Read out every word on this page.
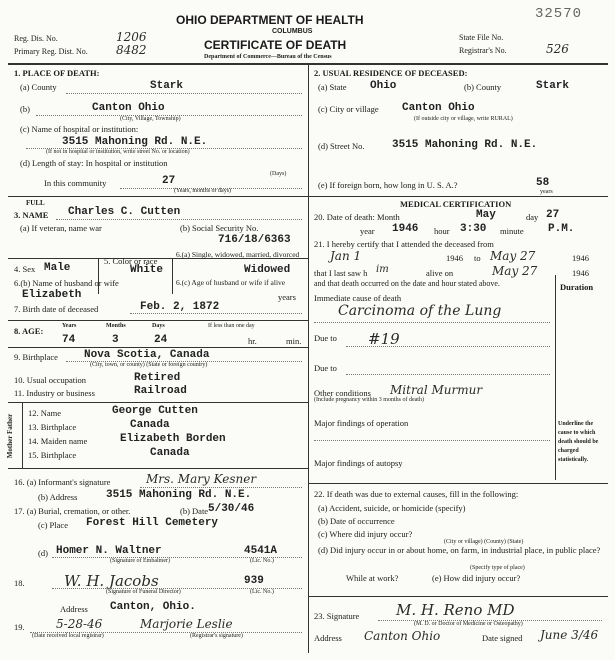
Reg. Dis. No.	1206
Primary Reg. Dist. No. 8482
OHIO DEPARTMENT OF HEALTH
COLUMBUS
CERTIFICATE OF DEATH
Department of Commerce—Bureau of the Census
32570
State File No.
Registrar's No.	526
1. PLACE OF DEATH:
(a) County	Stark
(b)	Canton Ohio
(City, Village, Township)
(c) Name of hospital or institution:
3515 Mahoning Rd. N.E.
(If not in hospital or institution, write street No. or location)
(d) Length of stay: In hospital or institution
(Days)
In this community	27
(Years, months or days)
FULL
3. NAME Charles C. Cutten
(a) If veteran, name war	(b) Social Security No.
716/18/6363
4. Sex Male
5. Color or race
White
6.(a) Single, widowed, married, divorced
Widowed
6.(b) Name of husband or wife
Elizabeth
6.(c) Age of husband or wife if alive
years
7. Birth date of deceased	Feb. 2, 1872
8. AGE:	Years	Months	Days	If less than one day
74	3	24	hr.	min.
9. Birthplace Nova Scotia, Canada
(City, town, or county) (State or foreign country)
10. Usual occupation	Retired
11. Industry or business	Railroad
Mother Father
12. Name	George Cutten
13. Birthplace	Canada
14. Maiden name	Elizabeth Borden
15. Birthplace	Canada
16. (a) Informant's signature	Mrs. Mary Kesner
(b) Address	3515 Mahoning Rd. N.E.
17. (a) Burial, cremation, or other.	(b) Date 5/30/46
(c) Place Forest Hill Cemetery
(d) Homer N. Waltner	4541A
(Signature of Embalmer)	(Lic. No.)
18.	W. H. Jacobs	939
(Signature of Funeral Director)	(Lic. No.)
Address Canton, Ohio.
19.	5-28-46	Marjorie Leslie
(Date received local registrar)	(Registrar's signature)
2. USUAL RESIDENCE OF DECEASED:
(a) State Ohio	(b) County	Stark
(c) City or village Canton Ohio
(If outside city or village, write RURAL)
(d) Street No. 3515 Mahoning Rd. N.E.
(e) If foreign born, how long in U. S. A.?	58
years
MEDICAL CERTIFICATION
20. Date of death: Month	May	day 27
year 1946 hour 3:30 minute P.M.
21. I hereby certify that I attended the deceased from
Jan 1	1946 to May 27	1946
that I last saw h im	alive on	May 27	1946
and that death occurred on the date and hour stated above.
Immediate cause of death
Duration
Carcinoma of the Lung
Due to #19
Due to
Other conditions Mitral Murmur
(Include pregnancy within 3 months of death)
Major findings of operation
Major findings of autopsy
Underline the cause to which death should be charged statistically.
22. If death was due to external causes, fill in the following:
(a) Accident, suicide, or homicide (specify)
(b) Date of occurrence
(c) Where did injury occur?
(City or village) (County) (State)
(d) Did injury occur in or about home, on farm, in industrial place, in public place?
(Specify type of place)
While at work?	(e) How did injury occur?
23. Signature M. H. Reno MD
(M. D. or Doctor of Medicine or Osteopathy)
Address Canton Ohio	Date signed June 3/46
